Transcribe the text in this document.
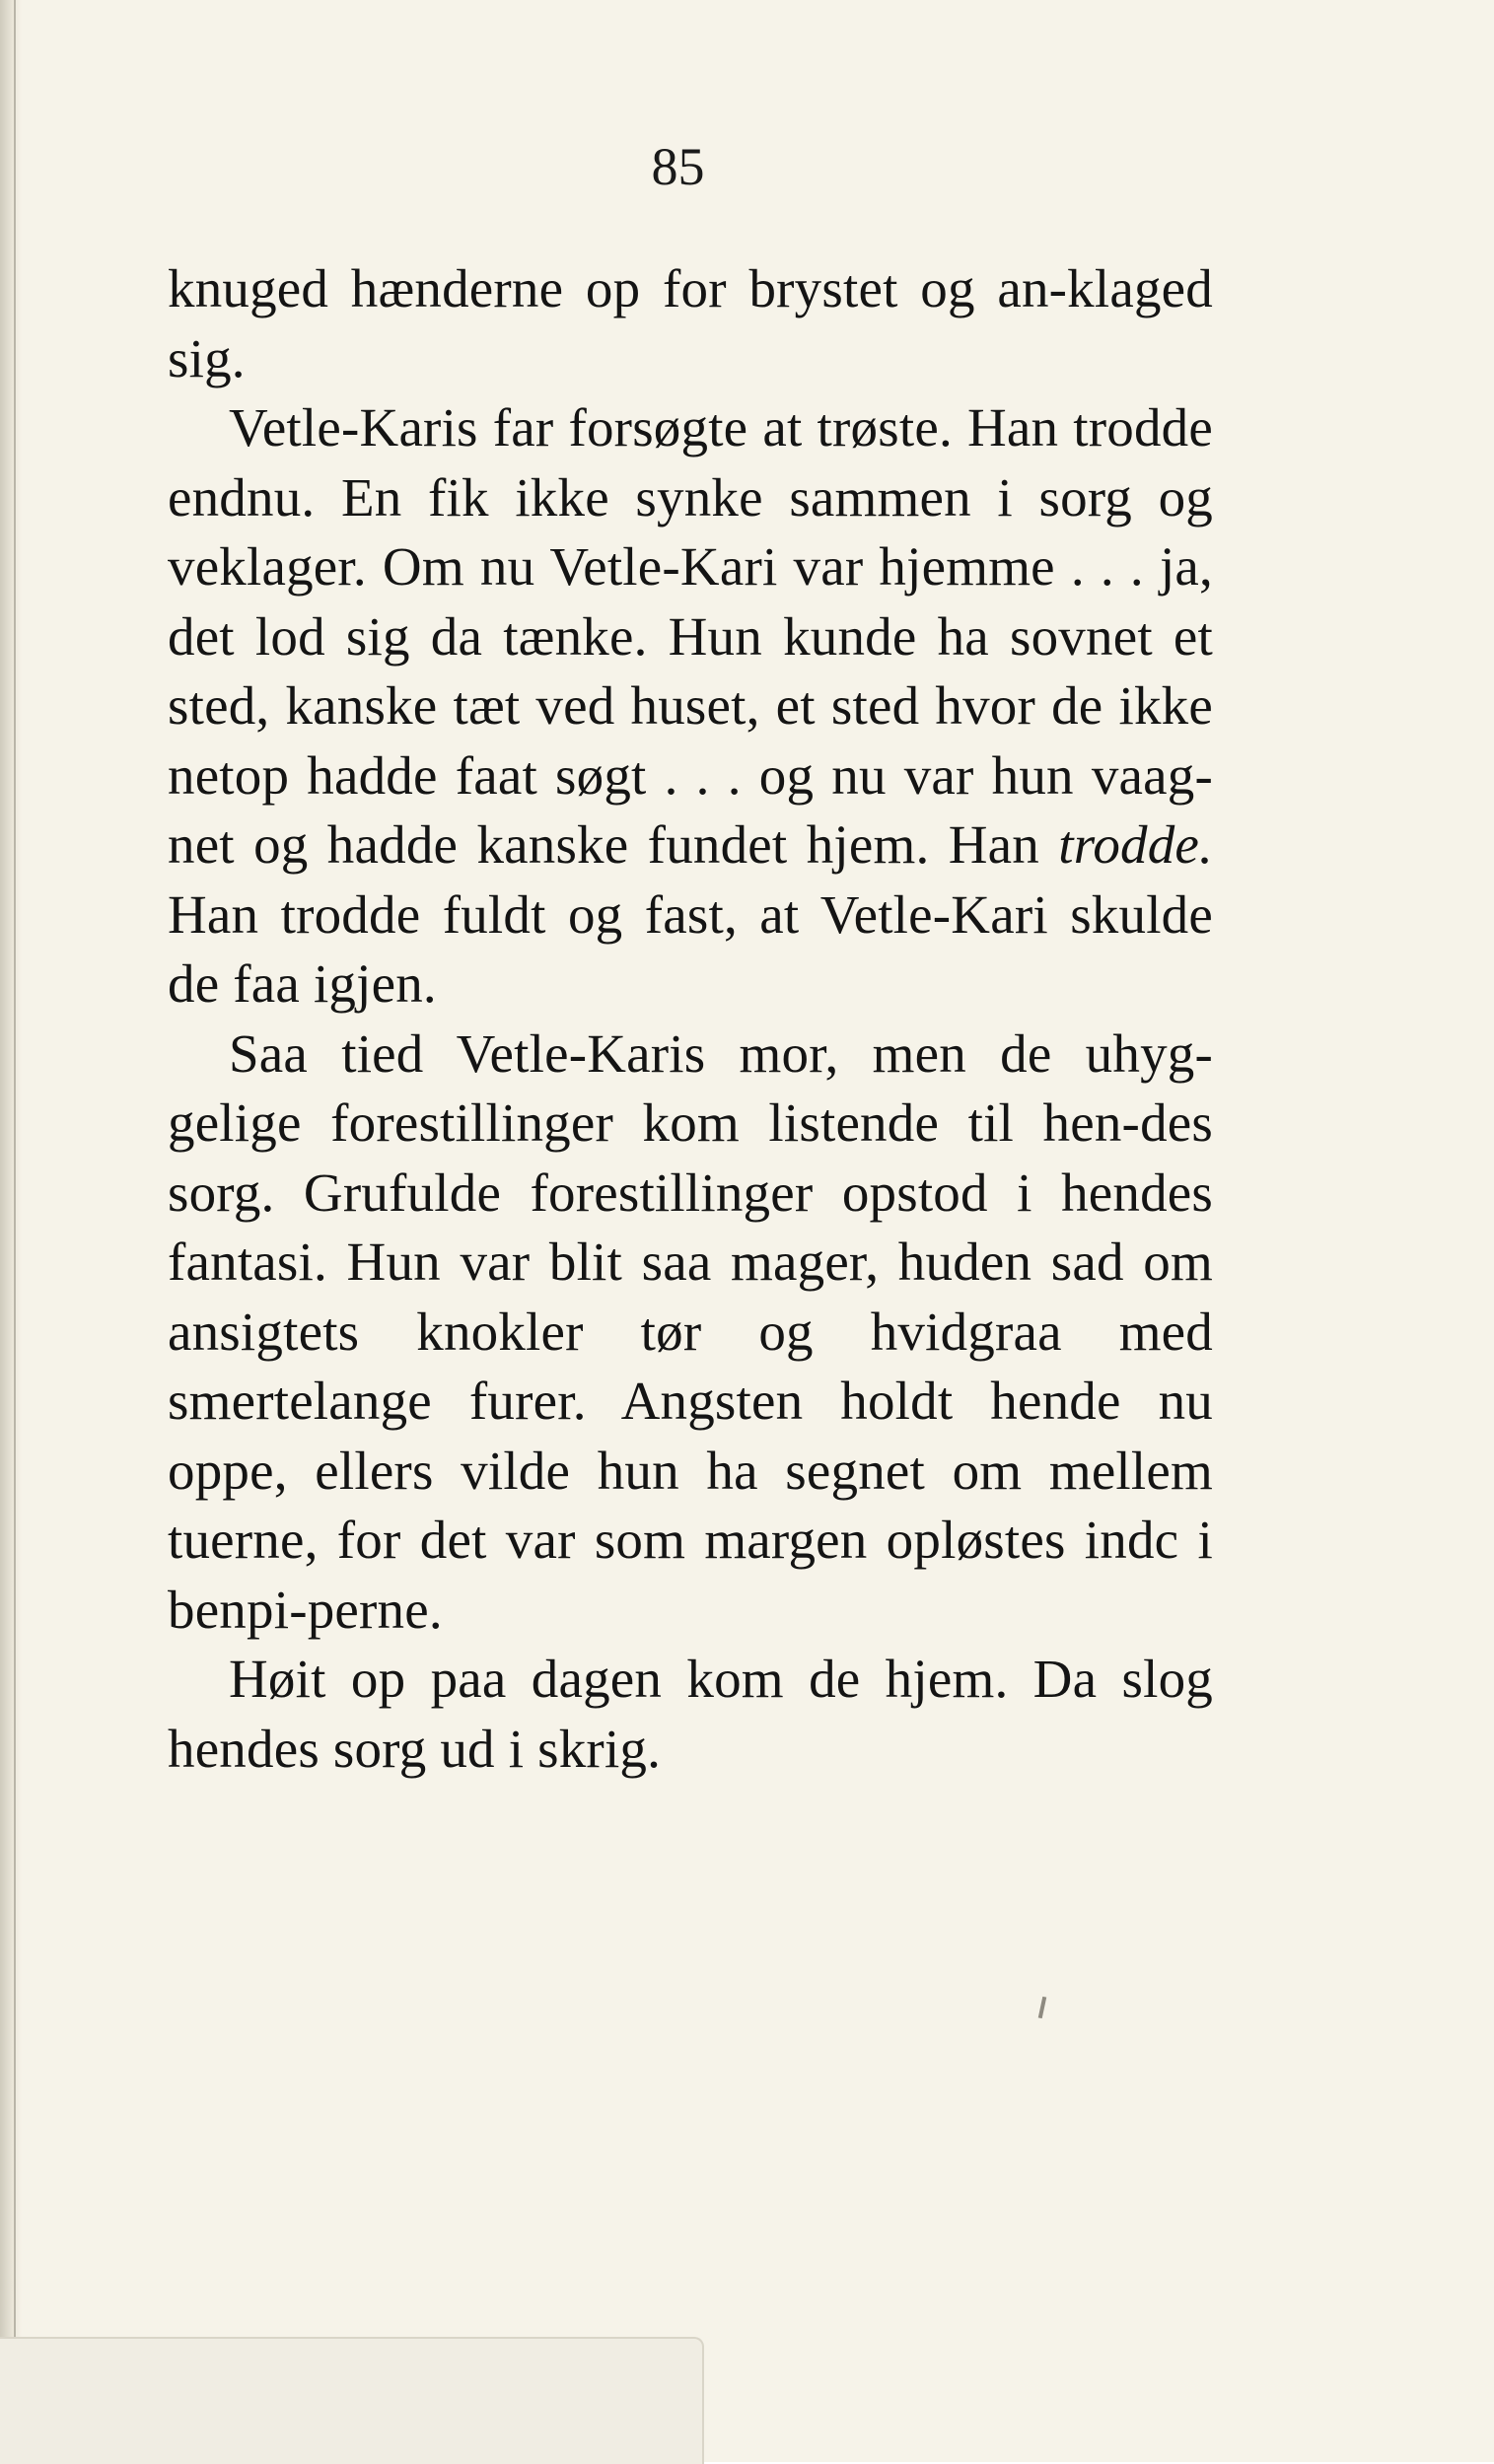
85

knuged hænderne op for brystet og an-klaged sig.

Vetle-Karis far forsøgte at trøste. Han trodde endnu. En fik ikke synke sammen i sorg og veklager. Om nu Vetle-Kari var hjemme . . . ja, det lod sig da tænke. Hun kunde ha sovnet et sted, kanske tæt ved huset, et sted hvor de ikke netop hadde faat søgt . . . og nu var hun vaag-net og hadde kanske fundet hjem. Han trodde. Han trodde fuldt og fast, at Vetle-Kari skulde de faa igjen.

Saa tied Vetle-Karis mor, men de uhyg-gelige forestillinger kom listende til hen-des sorg. Grufulde forestillinger opstod i hendes fantasi. Hun var blit saa mager, huden sad om ansigtets knokler tør og hvidgraa med smertelange furer. Angsten holdt hende nu oppe, ellers vilde hun ha segnet om mellem tuerne, for det var som margen opløstes indc i benpi-perne.

Høit op paa dagen kom de hjem. Da slog hendes sorg ud i skrig.
